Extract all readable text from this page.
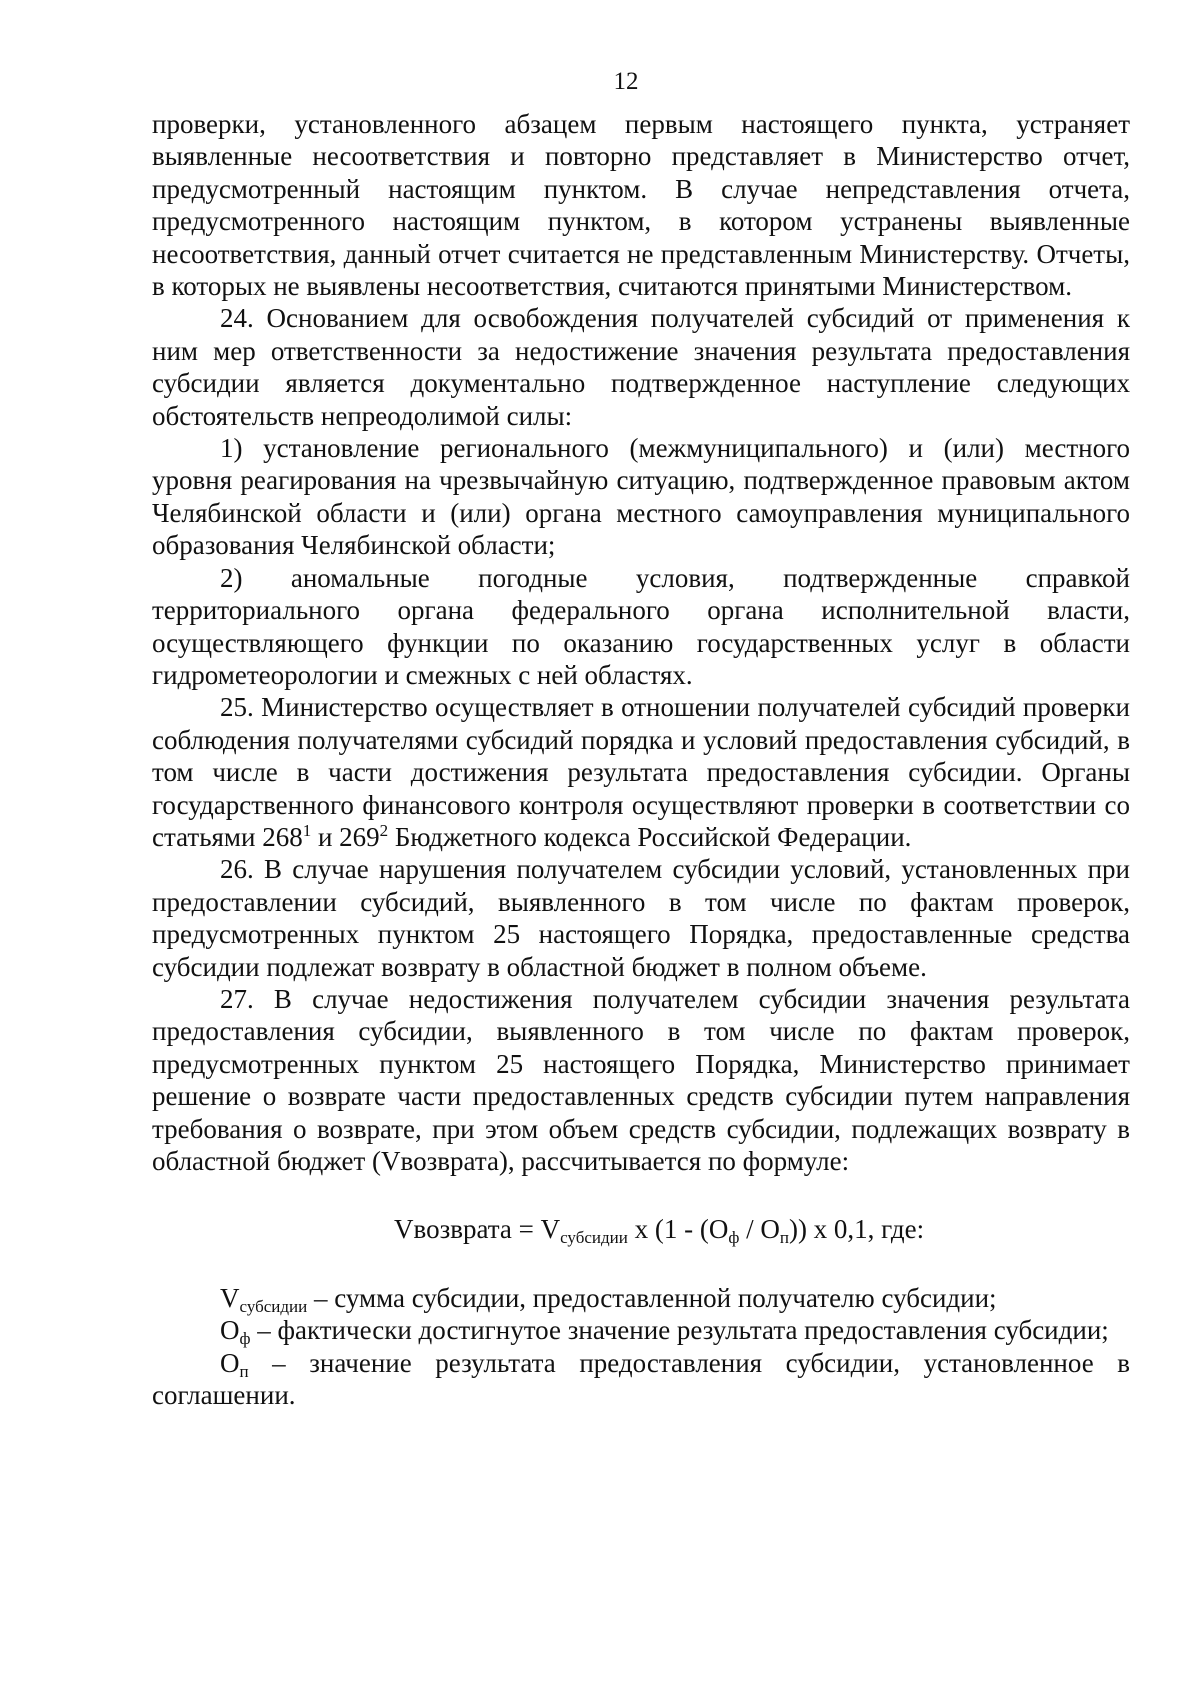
12

проверки, установленного абзацем первым настоящего пункта, устраняет выявленные несоответствия и повторно представляет в Министерство отчет, предусмотренный настоящим пунктом. В случае непредставления отчета, предусмотренного настоящим пунктом, в котором устранены выявленные несоответствия, данный отчет считается не представленным Министерству. Отчеты, в которых не выявлены несоответствия, считаются принятыми Министерством.

24. Основанием для освобождения получателей субсидий от применения к ним мер ответственности за недостижение значения результата предоставления субсидии является документально подтвержденное наступление следующих обстоятельств непреодолимой силы:

1) установление регионального (межмуниципального) и (или) местного уровня реагирования на чрезвычайную ситуацию, подтвержденное правовым актом Челябинской области и (или) органа местного самоуправления муниципального образования Челябинской области;

2) аномальные погодные условия, подтвержденные справкой территориального органа федерального органа исполнительной власти, осуществляющего функции по оказанию государственных услуг в области гидрометеорологии и смежных с ней областях.

25. Министерство осуществляет в отношении получателей субсидий проверки соблюдения получателями субсидий порядка и условий предоставления субсидий, в том числе в части достижения результата предоставления субсидии. Органы государственного финансового контроля осуществляют проверки в соответствии со статьями $268^1$ и $269^2$ Бюджетного кодекса Российской Федерации.

26. В случае нарушения получателем субсидии условий, установленных при предоставлении субсидий, выявленного в том числе по фактам проверок, предусмотренных пунктом 25 настоящего Порядка, предоставленные средства субсидии подлежат возврату в областной бюджет в полном объеме.

27. В случае недостижения получателем субсидии значения результата предоставления субсидии, выявленного в том числе по фактам проверок, предусмотренных пунктом 25 настоящего Порядка, Министерство принимает решение о возврате части предоставленных средств субсидии путем направления требования о возврате, при этом объем средств субсидии, подлежащих возврату в областной бюджет (Vвозврата), рассчитывается по формуле:

Vвозврата = $V_{субсидии}$ x $(1 - (O_ф / O_п))$ x 0,1, где:

$V_{субсидии}$ – сумма субсидии, предоставленной получателю субсидии;

$O_ф$ – фактически достигнутое значение результата предоставления субсидии;

$O_п$ – значение результата предоставления субсидии, установленное в соглашении.
